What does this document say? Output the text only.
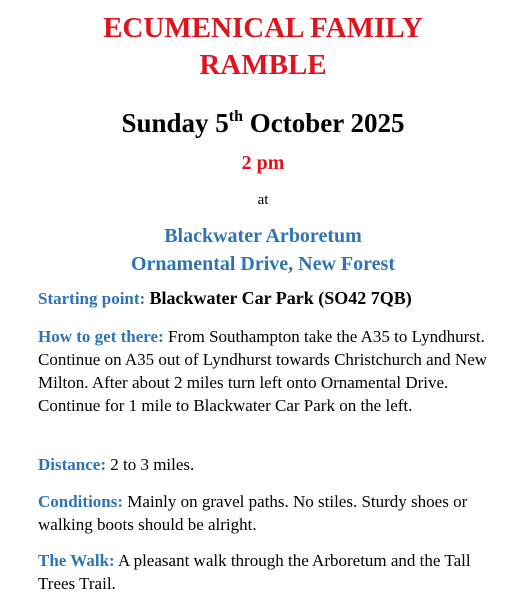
ECUMENICAL FAMILY
RAMBLE
Sunday 5th October 2025
2 pm
at
Blackwater Arboretum
Ornamental Drive, New Forest
Starting point: Blackwater Car Park (SO42 7QB)
How to get there: From Southampton take the A35 to Lyndhurst. Continue on A35 out of Lyndhurst towards Christchurch and New Milton. After about 2 miles turn left onto Ornamental Drive. Continue for 1 mile to Blackwater Car Park on the left.
Distance: 2 to 3 miles.
Conditions: Mainly on gravel paths. No stiles. Sturdy shoes or walking boots should be alright.
The Walk: A pleasant walk through the Arboretum and the Tall Trees Trail.
